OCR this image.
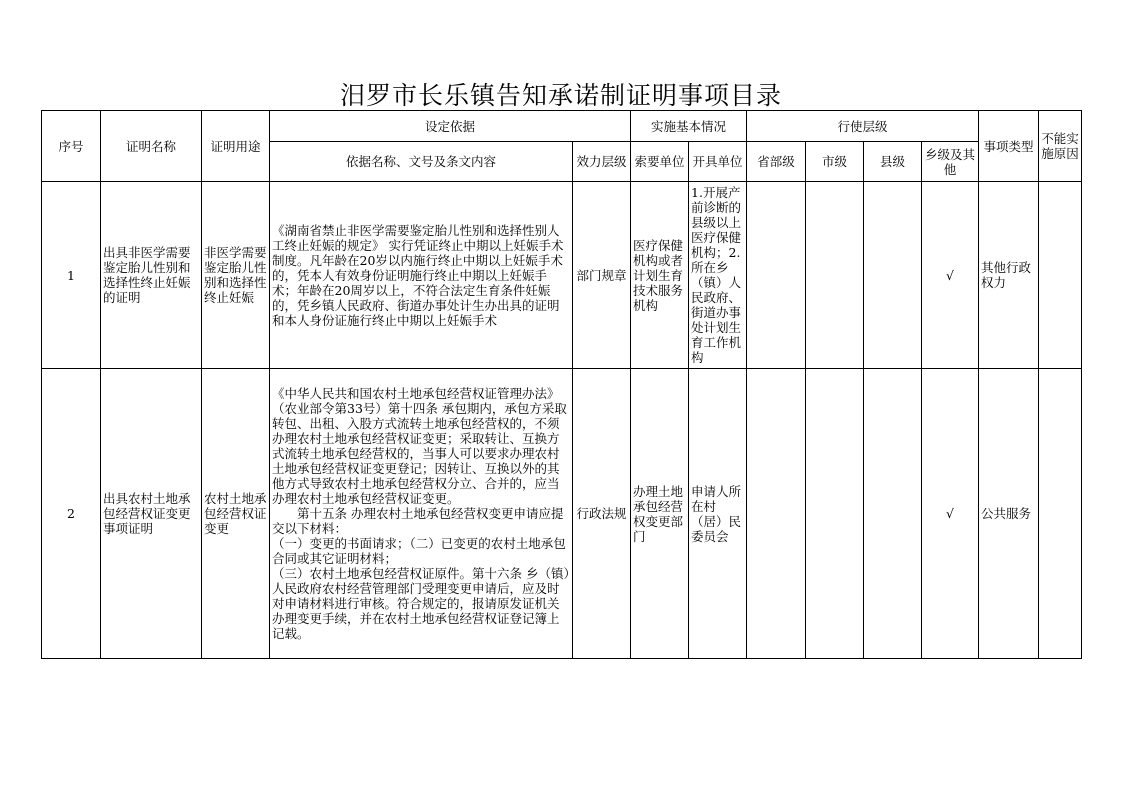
汨罗市长乐镇告知承诺制证明事项目录
序号	证明名称	证明用途	设定依据		实施基本情况		行使层级				事项类型	不能实施原因
			依据名称、文号及条文内容	效力层级	索要单位	开具单位	省部级	市级	县级	乡级及其他		
1	出具非医学需要鉴定胎儿性别和选择性终止妊娠的证明	非医学需要鉴定胎儿性别和选择性终止妊娠	《湖南省禁止非医学需要鉴定胎儿性别和选择性别人工终止妊娠的规定》 实行凭证终止中期以上妊娠手术制度。凡年龄在20岁以内施行终止中期以上妊娠手术的，凭本人有效身份证明施行终止中期以上妊娠手术；年龄在20周岁以上，不符合法定生育条件妊娠的，凭乡镇人民政府、街道办事处计生办出具的证明和本人身份证施行终止中期以上妊娠手术	部门规章	医疗保健机构或者计划生育技术服务机构	1.开展产前诊断的县级以上医疗保健机构；2.所在乡（镇）人民政府、街道办事处计划生育工作机构				√	其他行政权力	
2	出具农村土地承包经营权证变更事项证明	农村土地承包经营权证变更	《中华人民共和国农村土地承包经营权证管理办法》（农业部令第33号）第十四条 承包期内，承包方采取转包、出租、入股方式流转土地承包经营权的，不须办理农村土地承包经营权证变更；采取转让、互换方式流转土地承包经营权的，当事人可以要求办理农村土地承包经营权证变更登记；因转让、互换以外的其他方式导致农村土地承包经营权分立、合并的，应当办理农村土地承包经营权证变更。
　　第十五条 办理农村土地承包经营权变更申请应提交以下材料：
（一）变更的书面请求；（二）已变更的农村土地承包合同或其它证明材料；
（三）农村土地承包经营权证原件。第十六条 乡（镇）人民政府农村经营管理部门受理变更申请后，应及时对申请材料进行审核。符合规定的，报请原发证机关办理变更手续，并在农村土地承包经营权证登记簿上记载。	行政法规	办理土地承包经营权变更部门	申请人所在村（居）民委员会				√	公共服务	
